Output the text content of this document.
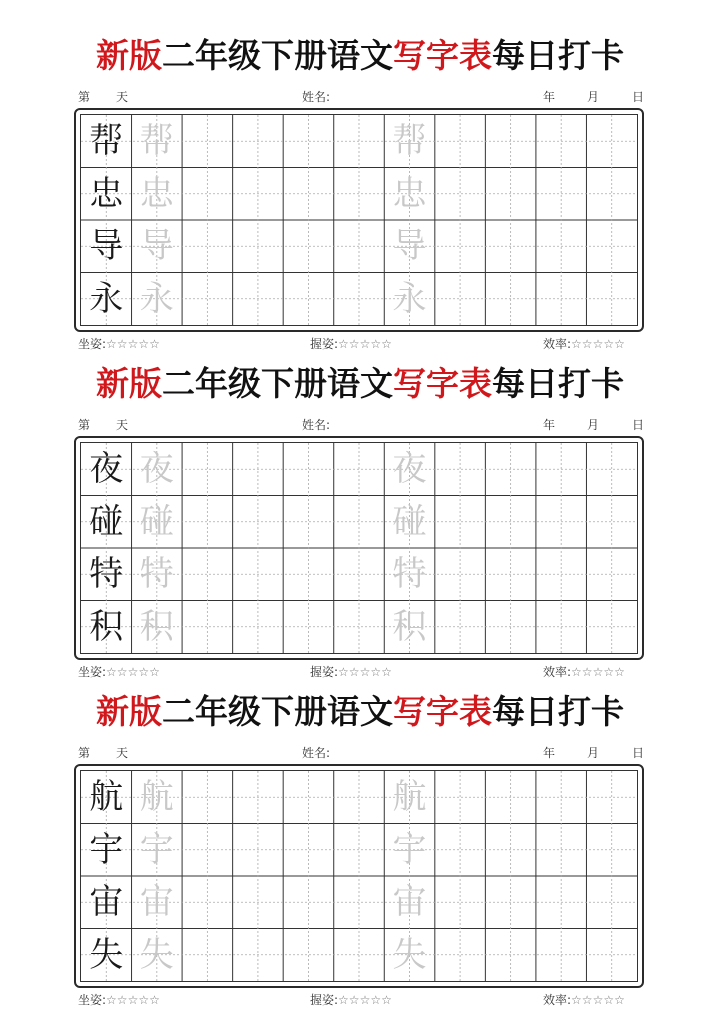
新版二年级下册语文写字表每日打卡
第 天	姓名:	年	月	日
帮 帮	帮
忠 忠	忠
导 导	导
永 永	永
坐姿:☆☆☆☆☆	握姿:☆☆☆☆☆	效率:☆☆☆☆☆
新版二年级下册语文写字表每日打卡
第 天	姓名:	年	月	日
夜 夜	夜
碰 碰	碰
特 特	特
积 积	积
坐姿:☆☆☆☆☆	握姿:☆☆☆☆☆	效率:☆☆☆☆☆
新版二年级下册语文写字表每日打卡
第 天	姓名:	年	月	日
航 航	航
宇 宇	宇
宙 宙	宙
失 失	失
坐姿:☆☆☆☆☆	握姿:☆☆☆☆☆	效率:☆☆☆☆☆
